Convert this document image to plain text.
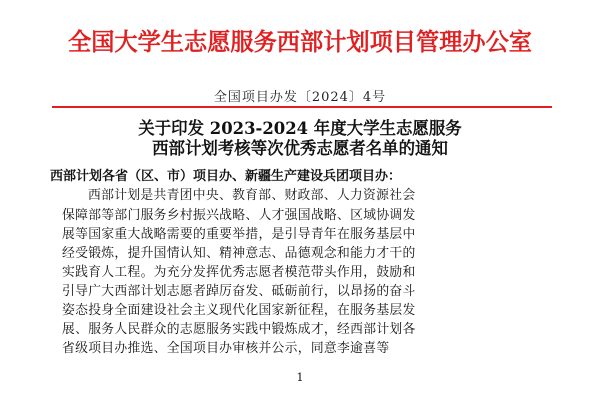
全国大学生志愿服务西部计划项目管理办公室
全国项目办发〔2024〕4号
关于印发 2023-2024 年度大学生志愿服务
西部计划考核等次优秀志愿者名单的通知
西部计划各省（区、市）项目办、新疆生产建设兵团项目办：
西部计划是共青团中央、教育部、财政部、人力资源社会
保障部等部门服务乡村振兴战略、人才强国战略、区域协调发
展等国家重大战略需要的重要举措，是引导青年在服务基层中
经受锻炼，提升国情认知、精神意志、品德观念和能力才干的
实践育人工程。为充分发挥优秀志愿者模范带头作用，鼓励和
引导广大西部计划志愿者踔厉奋发、砥砺前行，以昂扬的奋斗
姿态投身全面建设社会主义现代化国家新征程，在服务基层发
展、服务人民群众的志愿服务实践中锻炼成才，经西部计划各
省级项目办推选、全国项目办审核并公示，同意李逾喜等
1
